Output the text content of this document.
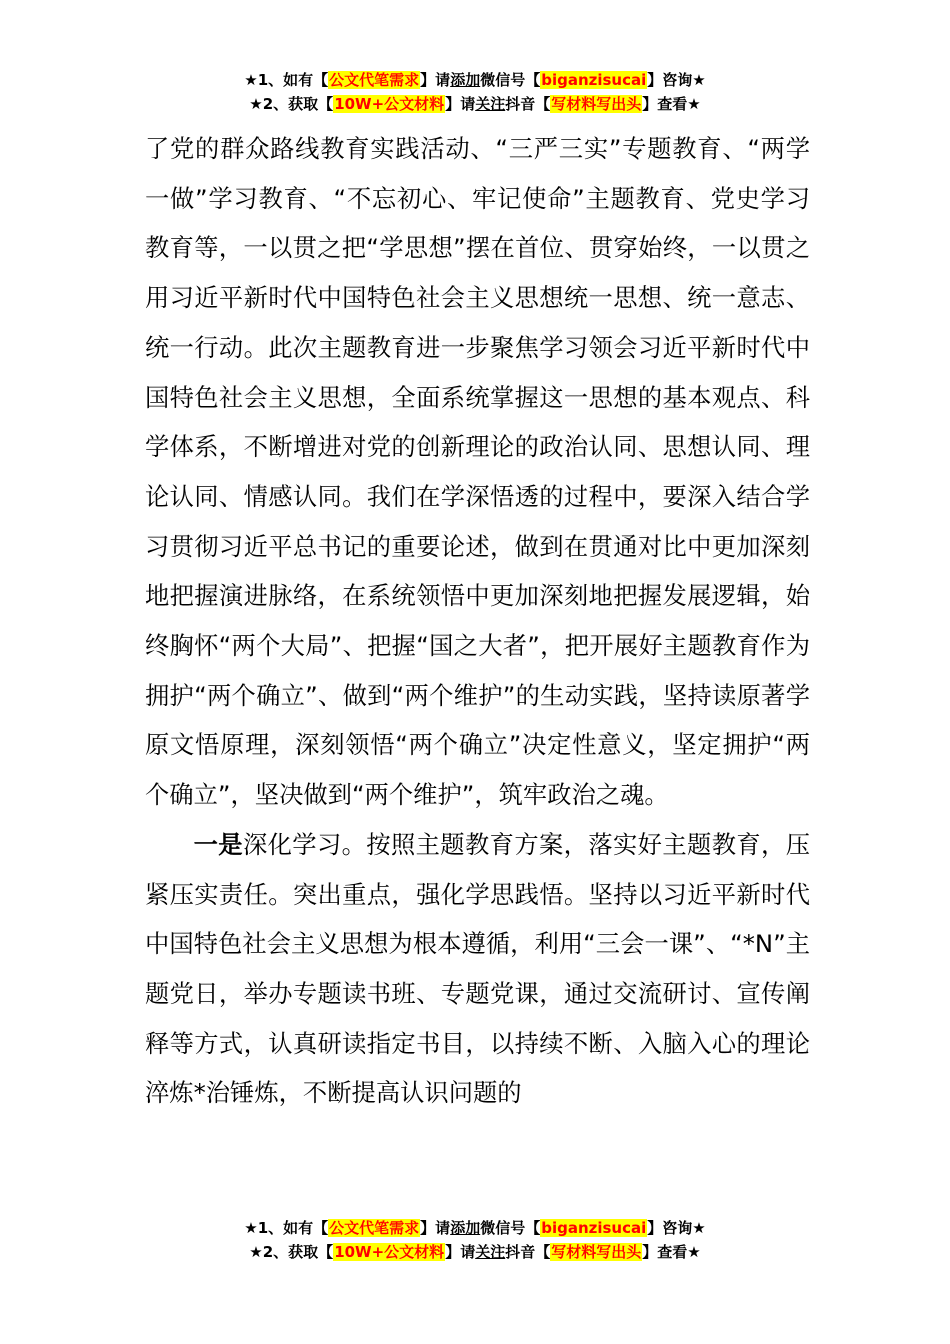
★1、如有【公文代笔需求】请添加微信号【biganzisucai】咨询★
★2、获取【10W+公文材料】请关注抖音【写材料写出头】查看★

了党的群众路线教育实践活动、“三严三实”专题教育、“两学一做”学习教育、“不忘初心、牢记使命”主题教育、党史学习教育等，一以贯之把“学思想”摆在首位、贯穿始终，一以贯之用习近平新时代中国特色社会主义思想统一思想、统一意志、统一行动。此次主题教育进一步聚焦学习领会习近平新时代中国特色社会主义思想，全面系统掌握这一思想的基本观点、科学体系，不断增进对党的创新理论的政治认同、思想认同、理论认同、情感认同。我们在学深悟透的过程中，要深入结合学习贯彻习近平总书记的重要论述，做到在贯通对比中更加深刻地把握演进脉络，在系统领悟中更加深刻地把握发展逻辑，始终胸怀“两个大局”、把握“国之大者”，把开展好主题教育作为拥护“两个确立”、做到“两个维护”的生动实践，坚持读原著学原文悟原理，深刻领悟“两个确立”决定性意义，坚定拥护“两个确立”，坚决做到“两个维护”，筑牢政治之魂。

一是深化学习。按照主题教育方案，落实好主题教育，压紧压实责任。突出重点，强化学思践悟。坚持以习近平新时代中国特色社会主义思想为根本遵循，利用“三会一课”、“*N”主题党日，举办专题读书班、专题党课，通过交流研讨、宣传阐释等方式，认真研读指定书目，以持续不断、入脑入心的理论淬炼*治锤炼，不断提高认识问题的

★1、如有【公文代笔需求】请添加微信号【biganzisucai】咨询★
★2、获取【10W+公文材料】请关注抖音【写材料写出头】查看★
